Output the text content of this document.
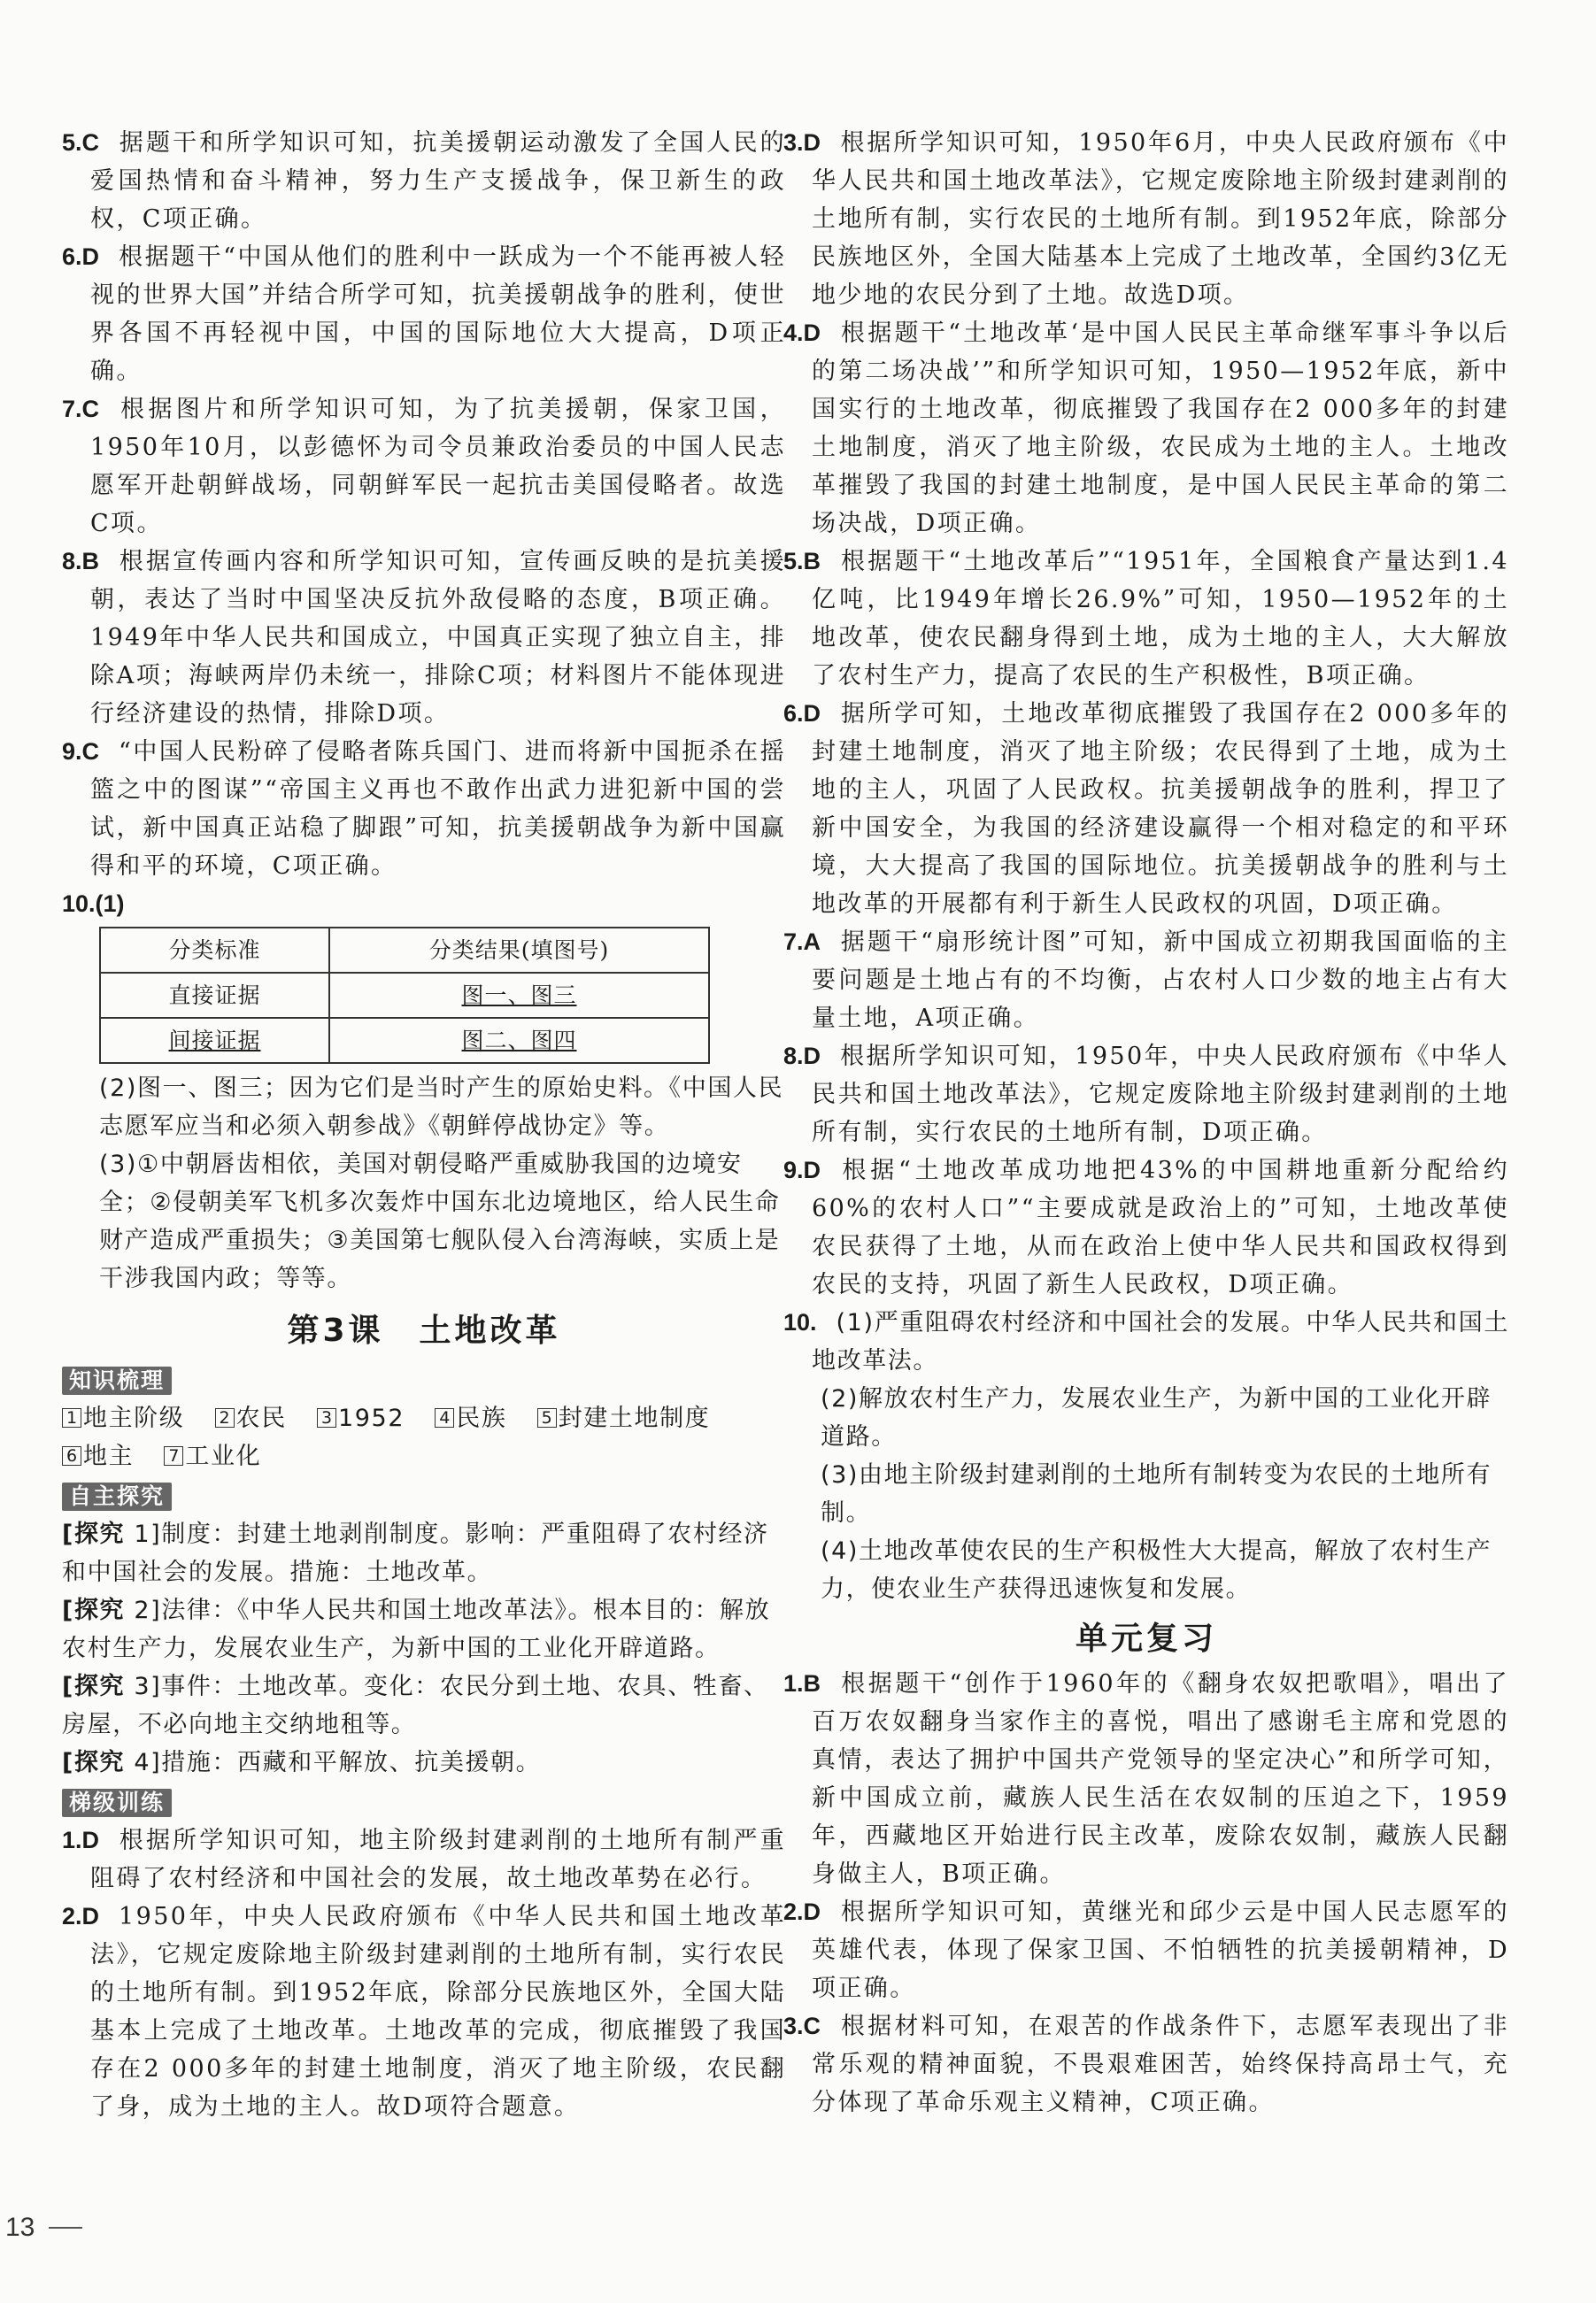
5.C 据题干和所学知识可知，抗美援朝运动激发了全国人民的爱国热情和奋斗精神，努力生产支援战争，保卫新生的政权，C项正确。

6.D 根据题干“中国从他们的胜利中一跃成为一个不能再被人轻视的世界大国”并结合所学可知，抗美援朝战争的胜利，使世界各国不再轻视中国，中国的国际地位大大提高，D项正确。

7.C 根据图片和所学知识可知，为了抗美援朝，保家卫国，1950年10月，以彭德怀为司令员兼政治委员的中国人民志愿军开赴朝鲜战场，同朝鲜军民一起抗击美国侵略者。故选C项。

8.B 根据宣传画内容和所学知识可知，宣传画反映的是抗美援朝，表达了当时中国坚决反抗外敌侵略的态度，B项正确。1949年中华人民共和国成立，中国真正实现了独立自主，排除A项；海峡两岸仍未统一，排除C项；材料图片不能体现进行经济建设的热情，排除D项。

9.C “中国人民粉碎了侵略者陈兵国门、进而将新中国扼杀在摇篮之中的图谋”“帝国主义再也不敢作出武力进犯新中国的尝试，新中国真正站稳了脚跟”可知，抗美援朝战争为新中国赢得和平的环境，C项正确。

10.(1)

分类标准	分类结果(填图号)
直接证据	图一、图三
间接证据	图二、图四

(2)图一、图三；因为它们是当时产生的原始史料。《中国人民志愿军应当和必须入朝参战》《朝鲜停战协定》等。

(3)①中朝唇齿相依，美国对朝侵略严重威胁我国的边境安全；②侵朝美军飞机多次轰炸中国东北边境地区，给人民生命财产造成严重损失；③美国第七舰队侵入台湾海峡，实质上是干涉我国内政；等等。

第3课 土地改革
知识梳理

1 地主阶级 2 农民 3 1952 4 民族 5 封建土地制度
6 地主 7 工业化

自主探究

[探究 1]制度：封建土地剥削制度。影响：严重阻碍了农村经济和中国社会的发展。措施：土地改革。

[探究 2]法律：《中华人民共和国土地改革法》。根本目的：解放农村生产力，发展农业生产，为新中国的工业化开辟道路。

[探究 3]事件：土地改革。变化：农民分到土地、农具、牲畜、房屋，不必向地主交纳地租等。

[探究 4]措施：西藏和平解放、抗美援朝。

梯级训练

1.D 根据所学知识可知，地主阶级封建剥削的土地所有制严重阻碍了农村经济和中国社会的发展，故土地改革势在必行。

2.D 1950年，中央人民政府颁布《中华人民共和国土地改革法》，它规定废除地主阶级封建剥削的土地所有制，实行农民的土地所有制。到1952年底，除部分民族地区外，全国大陆基本上完成了土地改革。土地改革的完成，彻底摧毁了我国存在2 000多年的封建土地制度，消灭了地主阶级，农民翻了身，成为土地的主人。故D项符合题意。

3.D 根据所学知识可知，1950年6月，中央人民政府颁布《中华人民共和国土地改革法》，它规定废除地主阶级封建剥削的土地所有制，实行农民的土地所有制。到1952年底，除部分民族地区外，全国大陆基本上完成了土地改革，全国约3亿无地少地的农民分到了土地。故选D项。

4.D 根据题干“土地改革‘是中国人民民主革命继军事斗争以后的第二场决战’”和所学知识可知，1950—1952年底，新中国实行的土地改革，彻底摧毁了我国存在2 000多年的封建土地制度，消灭了地主阶级，农民成为土地的主人。土地改革摧毁了我国的封建土地制度，是中国人民民主革命的第二场决战，D项正确。

5.B 根据题干“土地改革后”“1951年，全国粮食产量达到1.4亿吨，比1949年增长26.9%”可知，1950—1952年的土地改革，使农民翻身得到土地，成为土地的主人，大大解放了农村生产力，提高了农民的生产积极性，B项正确。

6.D 据所学可知，土地改革彻底摧毁了我国存在2 000多年的封建土地制度，消灭了地主阶级；农民得到了土地，成为土地的主人，巩固了人民政权。抗美援朝战争的胜利，捍卫了新中国安全，为我国的经济建设赢得一个相对稳定的和平环境，大大提高了我国的国际地位。抗美援朝战争的胜利与土地改革的开展都有利于新生人民政权的巩固，D项正确。

7.A 据题干“扇形统计图”可知，新中国成立初期我国面临的主要问题是土地占有的不均衡，占农村人口少数的地主占有大量土地，A项正确。

8.D 根据所学知识可知，1950年，中央人民政府颁布《中华人民共和国土地改革法》，它规定废除地主阶级封建剥削的土地所有制，实行农民的土地所有制，D项正确。

9.D 根据“土地改革成功地把43%的中国耕地重新分配给约60%的农村人口”“主要成就是政治上的”可知，土地改革使农民获得了土地，从而在政治上使中华人民共和国政权得到农民的支持，巩固了新生人民政权，D项正确。

10. (1)严重阻碍农村经济和中国社会的发展。中华人民共和国土地改革法。

(2)解放农村生产力，发展农业生产，为新中国的工业化开辟道路。

(3)由地主阶级封建剥削的土地所有制转变为农民的土地所有制。

(4)土地改革使农民的生产积极性大大提高，解放了农村生产力，使农业生产获得迅速恢复和发展。

单元复习

1.B 根据题干“创作于1960年的《翻身农奴把歌唱》，唱出了百万农奴翻身当家作主的喜悦，唱出了感谢毛主席和党恩的真情，表达了拥护中国共产党领导的坚定决心”和所学可知，新中国成立前，藏族人民生活在农奴制的压迫之下，1959年，西藏地区开始进行民主改革，废除农奴制，藏族人民翻身做主人，B项正确。

2.D 根据所学知识可知，黄继光和邱少云是中国人民志愿军的英雄代表，体现了保家卫国、不怕牺牲的抗美援朝精神，D项正确。

3.C 根据材料可知，在艰苦的作战条件下，志愿军表现出了非常乐观的精神面貌，不畏艰难困苦，始终保持高昂士气，充分体现了革命乐观主义精神，C项正确。

13
